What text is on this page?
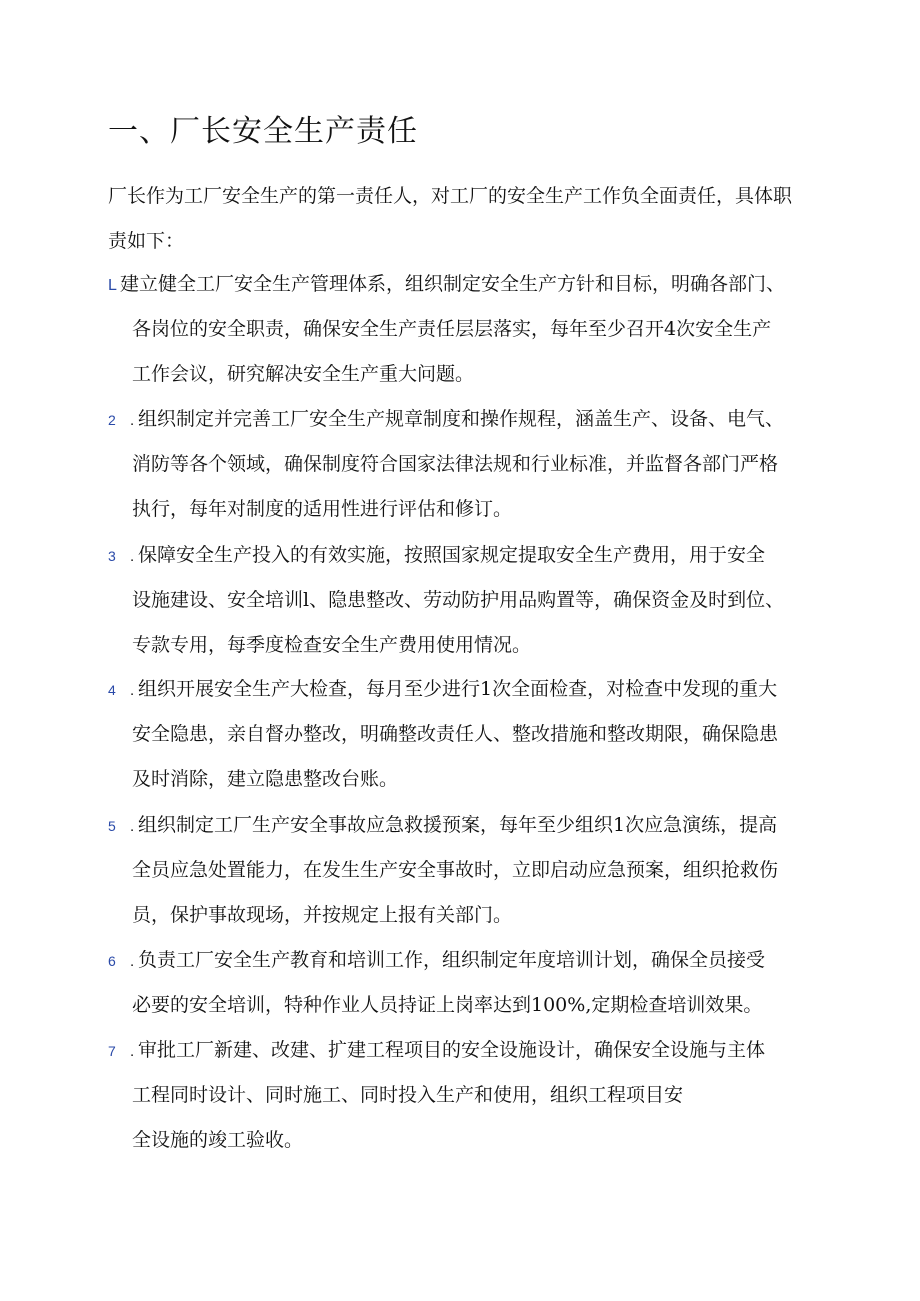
一、厂长安全生产责任

厂长作为工厂安全生产的第一责任人，对工厂的安全生产工作负全面责任，具体职责如下：

L 建立健全工厂安全生产管理体系，组织制定安全生产方针和目标，明确各部门、
各岗位的安全职责，确保安全生产责任层层落实，每年至少召开4次安全生产
工作会议，研究解决安全生产重大问题。
2 . 组织制定并完善工厂安全生产规章制度和操作规程，涵盖生产、设备、电气、
消防等各个领域，确保制度符合国家法律法规和行业标准，并监督各部门严格
执行，每年对制度的适用性进行评估和修订。
3 . 保障安全生产投入的有效实施，按照国家规定提取安全生产费用，用于安全
设施建设、安全培训l、隐患整改、劳动防护用品购置等，确保资金及时到位、
专款专用，每季度检查安全生产费用使用情况。
4 . 组织开展安全生产大检查，每月至少进行1次全面检查，对检查中发现的重大
安全隐患，亲自督办整改，明确整改责任人、整改措施和整改期限，确保隐患
及时消除，建立隐患整改台账。
5 . 组织制定工厂生产安全事故应急救援预案，每年至少组织1次应急演练，提高
全员应急处置能力，在发生生产安全事故时，立即启动应急预案，组织抢救伤
员，保护事故现场，并按规定上报有关部门。
6 . 负责工厂安全生产教育和培训工作，组织制定年度培训计划，确保全员接受
必要的安全培训，特种作业人员持证上岗率达到100%,定期检查培训效果。
7 . 审批工厂新建、改建、扩建工程项目的安全设施设计，确保安全设施与主体
工程同时设计、同时施工、同时投入生产和使用，组织工程项目安
全设施的竣工验收。
